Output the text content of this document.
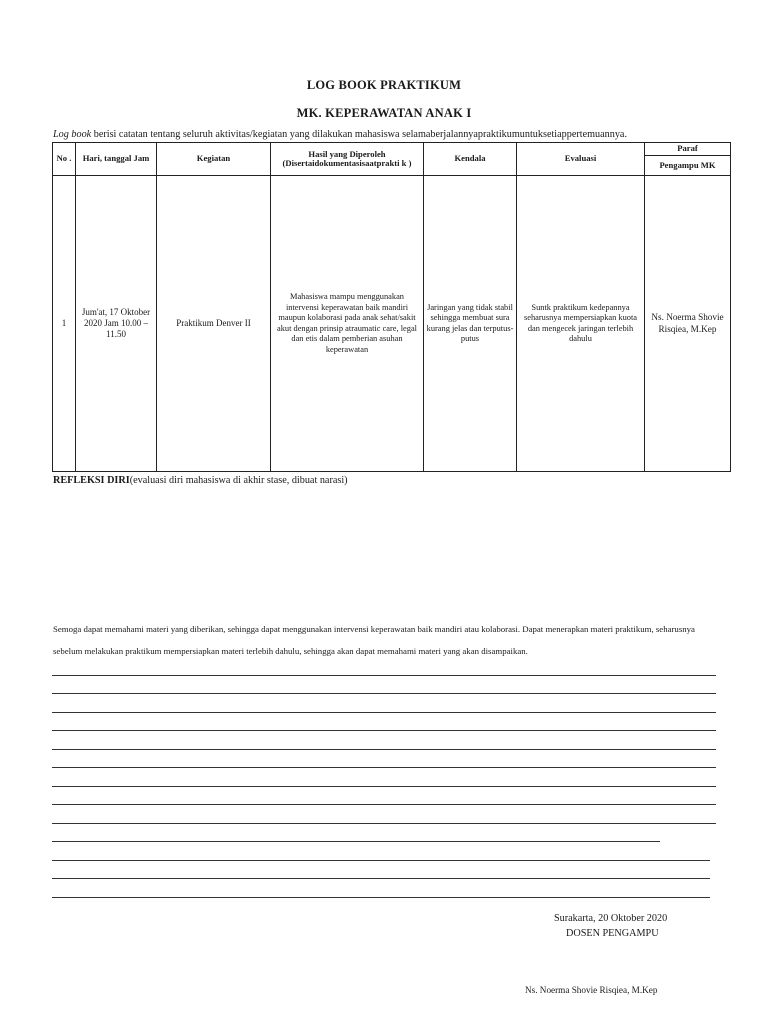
LOG BOOK PRAKTIKUM
MK. KEPERAWATAN ANAK I
Log book berisi catatan tentang seluruh aktivitas/kegiatan yang dilakukan mahasiswa selamaberjalannyapraktikumuntuksetiappertemuannya.
No .	Hari, tanggal Jam	Kegiatan	Hasil yang Diperoleh (Disertaidokumentasisaatprakti k )	Kendala	Evaluasi	Paraf
						Pengampu MK
1	Jum'at, 17 Oktober 2020 Jam 10.00 – 11.50	Praktikum Denver II	Mahasiswa mampu menggunakan intervensi keperawatan baik mandiri maupun kolaborasi pada anak sehat/sakit akut dengan prinsip atraumatic care, legal dan etis dalam pemberian asuhan keperawatan	Jaringan yang tidak stabil sehingga membuat sura kurang jelas dan terputus-putus	Suntk praktikum kedepannya seharusnya mempersiapkan kuota dan mengecek jaringan terlebih dahulu	Ns. Noerma Shovie Risqiea, M.Kep
REFLEKSI DIRI(evaluasi diri mahasiswa di akhir stase, dibuat narasi)
Semoga dapat memahami materi yang diberikan, sehingga dapat menggunakan intervensi keperawatan baik mandiri atau kolaborasi. Dapat menerapkan materi praktikum, seharusnya sebelum melakukan praktikum mempersiapkan materi terlebih dahulu, sehingga akan dapat memahami materi yang akan disampaikan.
Surakarta, 20 Oktober 2020
DOSEN PENGAMPU
Ns. Noerma Shovie Risqiea, M.Kep
